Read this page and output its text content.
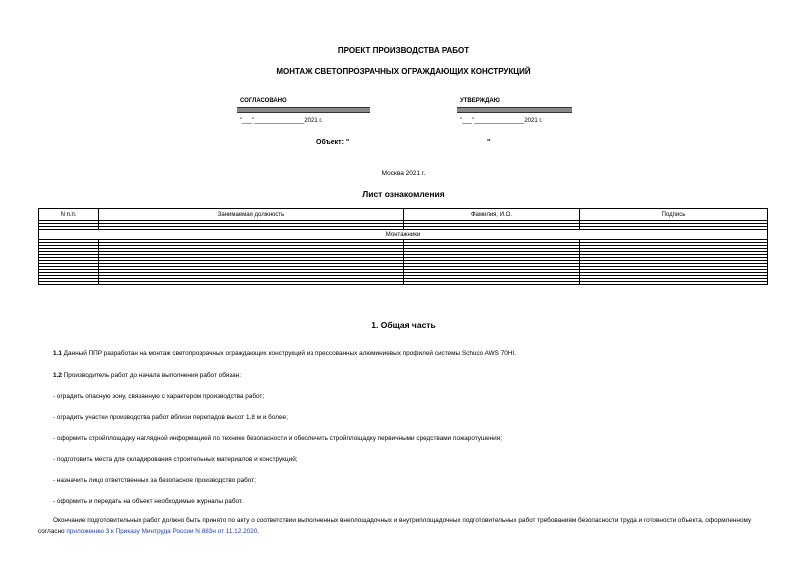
ПРОЕКТ ПРОИЗВОДСТВА РАБОТ
МОНТАЖ СВЕТОПРОЗРАЧНЫХ ОГРАЖДАЮЩИХ КОНСТРУКЦИЙ
СОГЛАСОВАНО
"___"_______________2021 г.
УТВЕРЖДАЮ
"___"_______________2021 г.
Объект: "	"
Москва 2021 г.
Лист ознакомления
N п.п.	Занимаемая должность	Фамилия, И.О.	Подпись

Монтажники			

1. Общая часть
1.1 Данный ППР разработан на монтаж светопрозрачных ограждающих конструкций из прессованных алюминиевых профилей системы Schuco AWS 70HI.
1.2 Производитель работ до начала выполнения работ обязан:
- оградить опасную зону, связанную с характером производства работ;
- оградить участки производства работ вблизи перепадов высот 1,8 м и более;
- оформить стройплощадку наглядной информацией по технике безопасности и обеспечить стройплощадку первичными средствами пожаротушения;
- подготовить места для складирования строительных материалов и конструкций;
- назначить лицо ответственных за безопасное производство работ;
- оформить и передать на объект необходимые журналы работ.
Окончание подготовительных работ должно быть принято по акту о соответствии выполненных внеплощадочных и внутриплощадочных подготовительных работ требованиям безопасности труда и готовности объекта, оформленному согласно приложению 3 к Приказу Минтруда России N 883н от 11.12.2020.
